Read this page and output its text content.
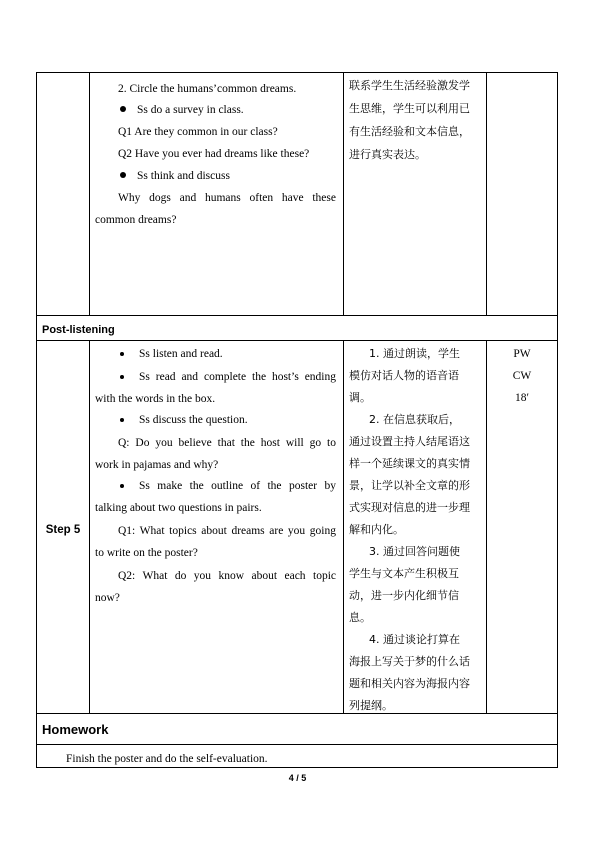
2. Circle the humans’common dreams.
Ss do a survey in class.
Q1 Are they common in our class?
Q2 Have you ever had dreams like these?
Ss think and discuss
Why dogs and humans often have these
common dreams?
联系学生生活经验激发学
生思维，学生可以利用已
有生活经验和文本信息，
进行真实表达。
Post-listening
Step 5
Ss listen and read.
Ss read and complete the host’s ending
with the words in the box.
Ss discuss the question.
Q: Do you believe that the host will go to
work in pajamas and why?
Ss make the outline of the poster by
talking about two questions in pairs.
Q1: What topics about dreams are you going
to write on the poster?
Q2: What do you know about each topic
now?
1. 通过朗读，学生
模仿对话人物的语音语
调。
2. 在信息获取后，
通过设置主持人结尾语这
样一个延续课文的真实情
景，让学以补全文章的形
式实现对信息的进一步理
解和内化。
3. 通过回答问题使
学生与文本产生积极互
动，进一步内化细节信
息。
4. 通过谈论打算在
海报上写关于梦的什么话
题和相关内容为海报内容
列提纲。
PW
CW
18′
Homework
Finish the poster and do the self-evaluation.
4 / 5
